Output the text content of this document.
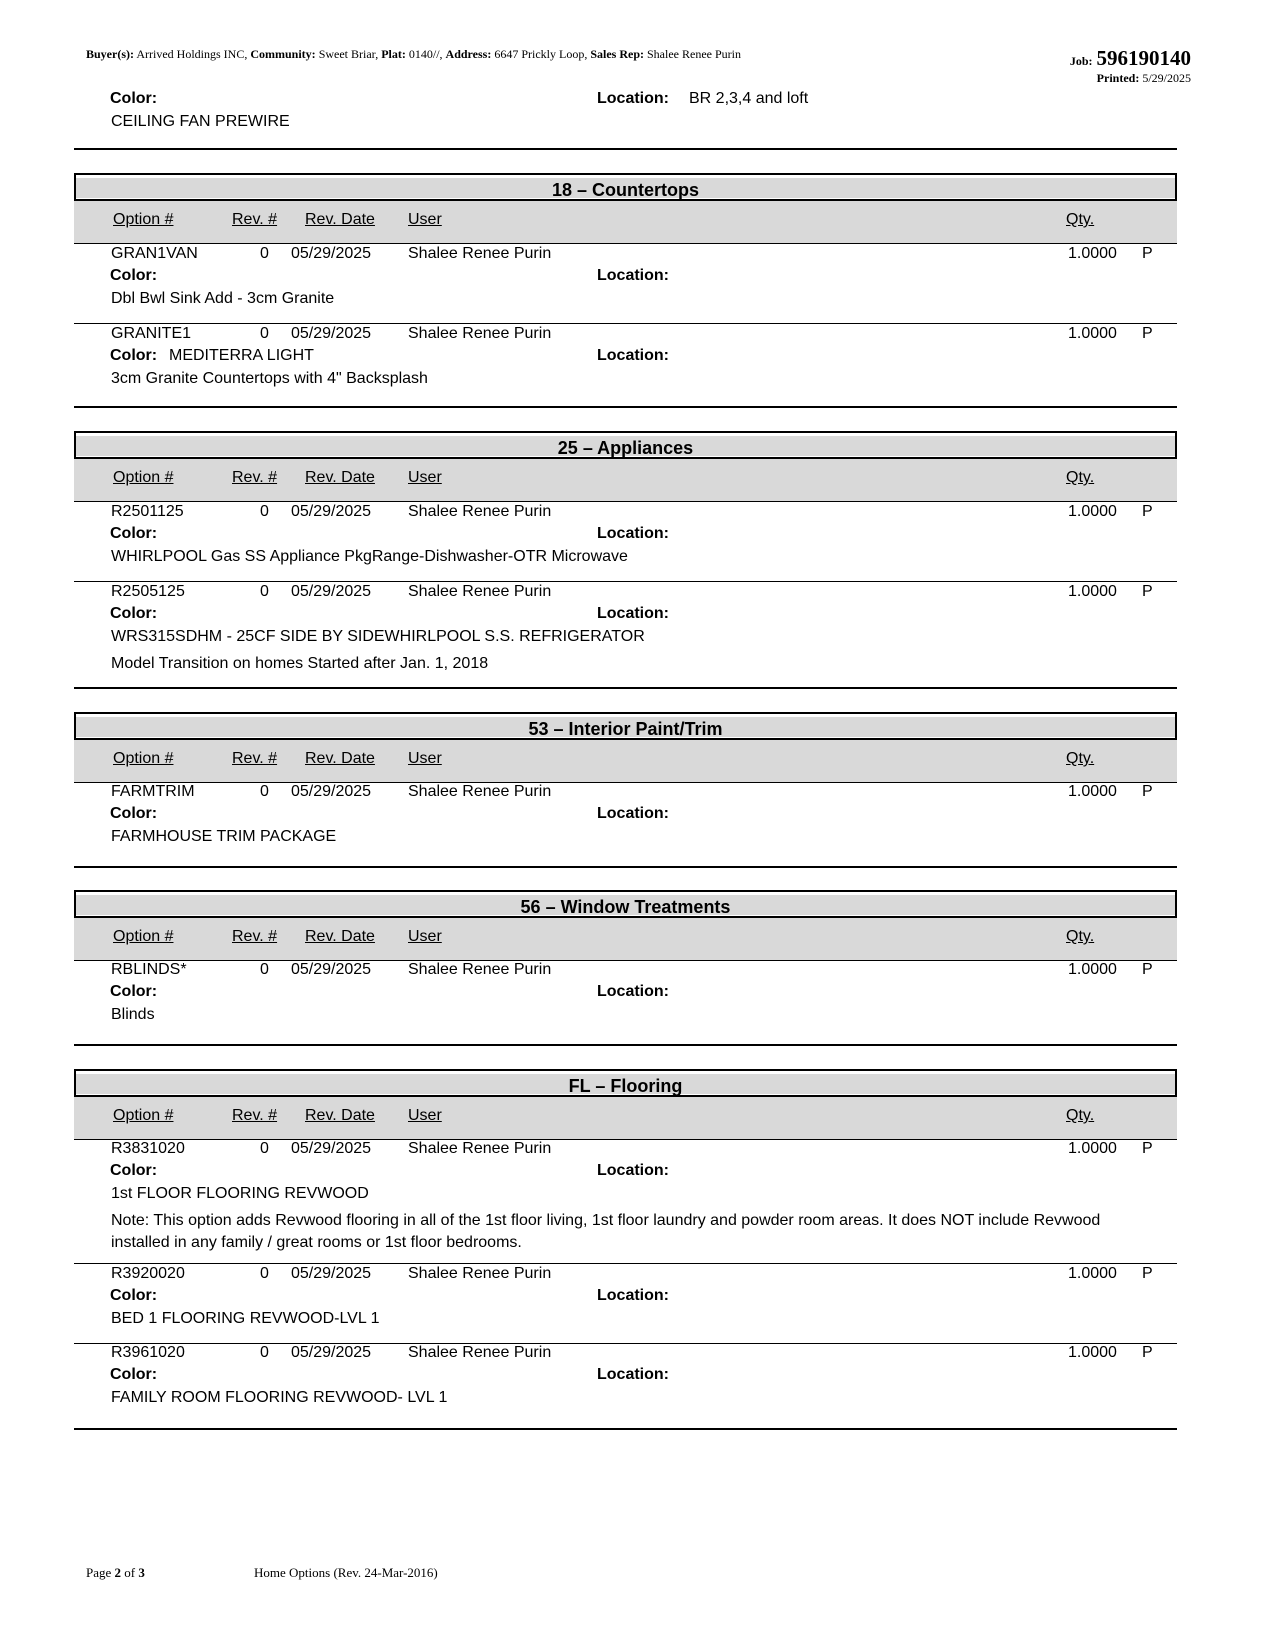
Buyer(s): Arrived Holdings INC, Community: Sweet Briar, Plat: 0140//, Address: 6647 Prickly Loop, Sales Rep: Shalee Renee Purin	Job: 596190140
Printed: 5/29/2025
Color:	Location: BR 2,3,4 and loft
CEILING FAN PREWIRE
18 – Countertops
Option #	Rev. # Rev. Date User	Qty.
GRAN1VAN	0 05/29/2025 Shalee Renee Purin	1.0000 P
Color:	Location:
Dbl Bwl Sink Add - 3cm Granite
GRANITE1	0 05/29/2025 Shalee Renee Purin	1.0000 P
Color: MEDITERRA LIGHT	Location:
3cm Granite Countertops with 4" Backsplash
25 – Appliances
Option #	Rev. # Rev. Date User	Qty.
R2501125	0 05/29/2025 Shalee Renee Purin	1.0000 P
Color:	Location:
WHIRLPOOL Gas SS Appliance PkgRange-Dishwasher-OTR Microwave
R2505125	0 05/29/2025 Shalee Renee Purin	1.0000 P
Color:	Location:
WRS315SDHM - 25CF SIDE BY SIDEWHIRLPOOL S.S. REFRIGERATOR
Model Transition on homes Started after Jan. 1, 2018
53 – Interior Paint/Trim
Option #	Rev. # Rev. Date User	Qty.
FARMTRIM	0 05/29/2025 Shalee Renee Purin	1.0000 P
Color:	Location:
FARMHOUSE TRIM PACKAGE
56 – Window Treatments
Option #	Rev. # Rev. Date User	Qty.
RBLINDS*	0 05/29/2025 Shalee Renee Purin	1.0000 P
Color:	Location:
Blinds
FL – Flooring
Option #	Rev. # Rev. Date User	Qty.
R3831020	0 05/29/2025 Shalee Renee Purin	1.0000 P
Color:	Location:
1st FLOOR FLOORING REVWOOD
Note: This option adds Revwood flooring in all of the 1st floor living, 1st floor laundry and powder room areas. It does NOT include Revwood installed in any family / great rooms or 1st floor bedrooms.
R3920020	0 05/29/2025 Shalee Renee Purin	1.0000 P
Color:	Location:
BED 1 FLOORING REVWOOD-LVL 1
R3961020	0 05/29/2025 Shalee Renee Purin	1.0000 P
Color:	Location:
FAMILY ROOM FLOORING REVWOOD- LVL 1
Page 2 of 3	Home Options (Rev. 24-Mar-2016)
